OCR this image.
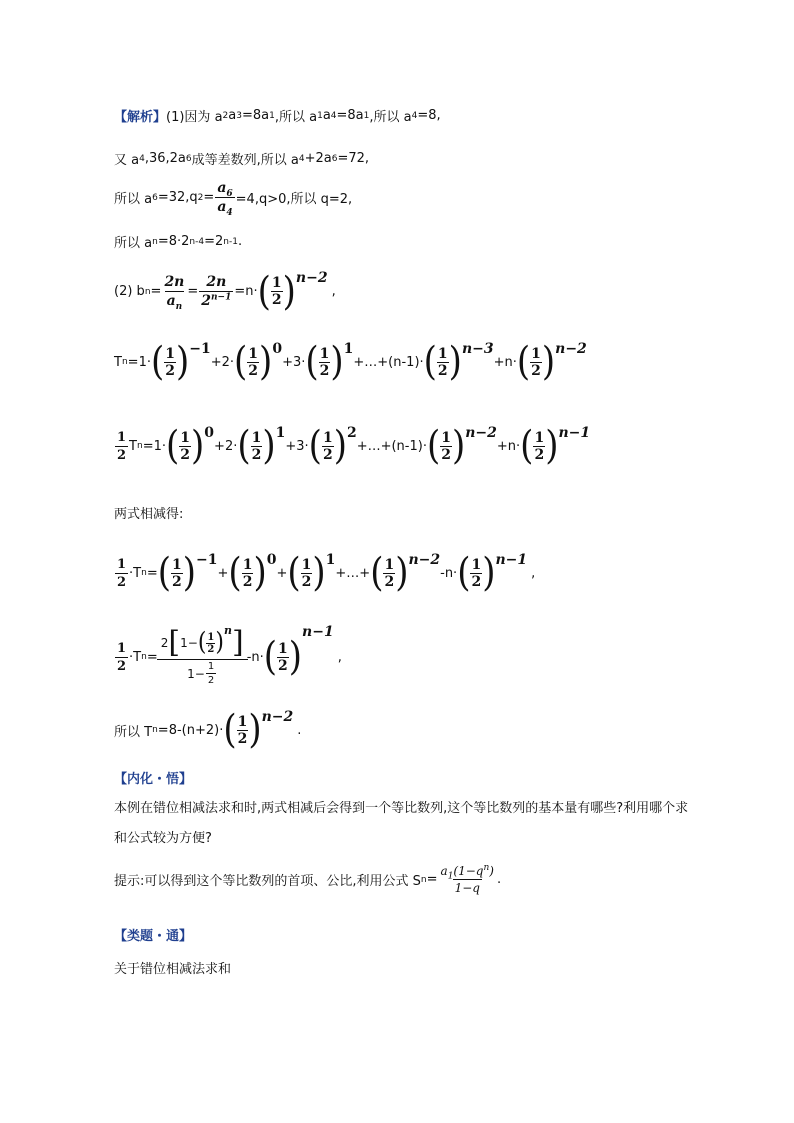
【解析】 (1)因为 a 2 a 3 =8a 1 ,所以 a 1 a 4 =8a 1 ,所以 a 4 =8,
又 a 4 ,36,2a 6 成等差数列,所以 a 4 +2a 6 =72,
所以 a 6 =32,q $2 = \frac{a_6}{a_4} =4,q>0$,所以 q=2,
所以 a n =8·2 n-4 =2 n-1 .
(2) b $n = \frac{2n}{a_n} = \frac{2n}{2^{n-1}} =n\cdot$ ( 1
2 ) n−2
,
T n =1· ( 1
2 ) −1
+2· ( 1
2 ) 0
+3· ( 1
2 ) 1
+…+(n-1)· ( 1
2 ) n−3
+n· ( 1
2 ) n−2
$\frac{1}{2}$ T n =1· ( 1
2 ) 0
+2· ( 1
2 ) 1
+3· ( 1
2 ) 2
+…+(n-1)· ( 1
2 ) n−2
+n· ( 1
2 ) n−1
两式相减得:
$\frac{1}{2} \cdot T$ n = ( 1
2 ) −1
+ ( 1
2 ) 0
+ ( 1
2 ) 1
+…+ ( 1
2 ) n−2
-n· ( 1
2 ) n−1
,
$\frac{1}{2} \cdot T$ n = 2 [ 1− ( 1
2 ) n ]
$1- \frac{1}{2} -n\cdot$ ( 1
2 )
n−1
,
所以 T n =8-(n+2)· ( 1
2 ) n−2
.
【内化・悟】
本例在错位相减法求和时,两式相减后会得到一个等比数列,这个等比数列的基本量有哪些?利用哪个求和公式较为方便?
提示:可以得到这个等比数列的首项、公比,利用公式 S $n = \frac{a_1(1-q^n)}{1-q}$ .
【类题・通】
关于错位相减法求和
